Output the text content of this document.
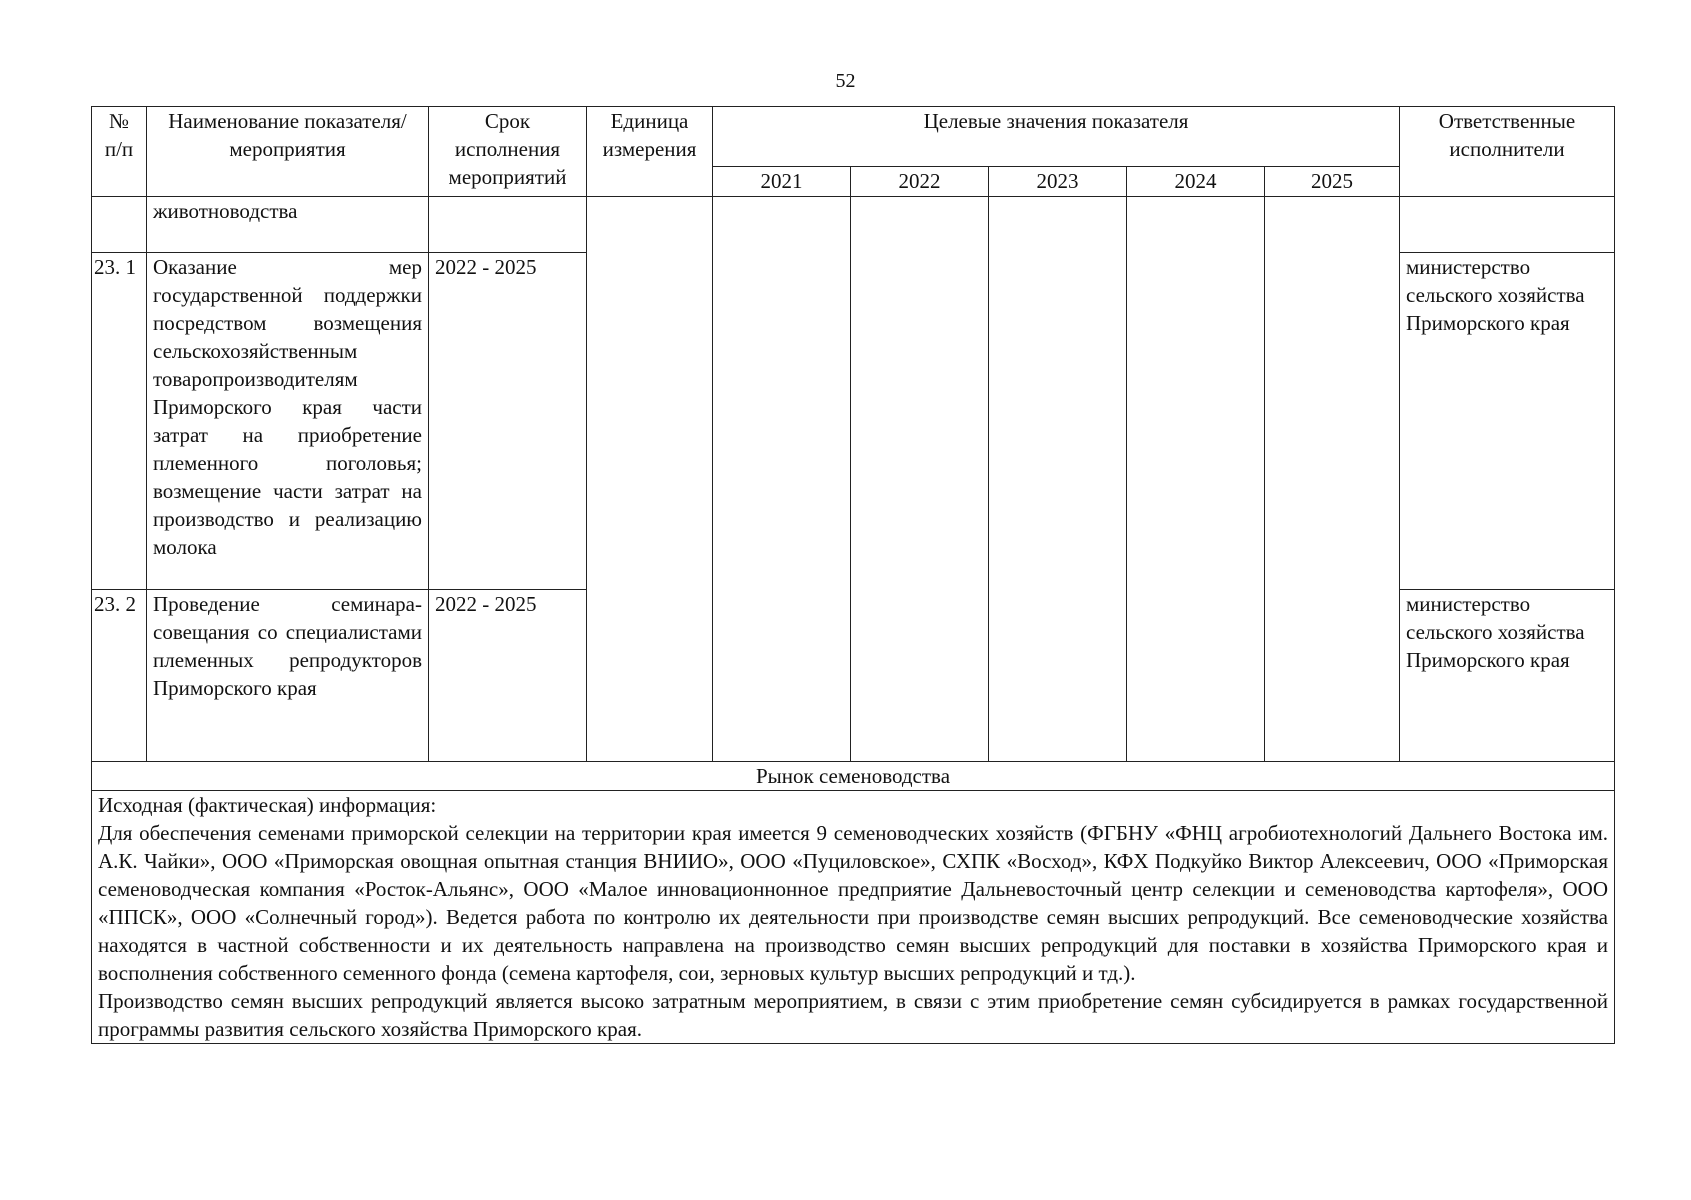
52
№ п/п	Наименование показателя/мероприятия	Срок исполнения мероприятий	Единица измерения	Целевые значения показателя					Ответственные исполнители
				2021	2022	2023	2024	2025	
	животноводства								
23. 1	Оказание мер государственной поддержки посредством возмещения сельскохозяйственным товаропроизводителям Приморского края части затрат на приобретение племенного поголовья; возмещение части затрат на производство и реализацию молока	2022 - 2025							министерство сельского хозяйства Приморского края
23. 2	Проведение семинара-совещания со специалистами племенных репродукторов Приморского края	2022 - 2025							министерство сельского хозяйства Приморского края
Рынок семеноводства									

Исходная (фактическая) информация:

Для обеспечения семенами приморской селекции на территории края имеется 9 семеноводческих хозяйств (ФГБНУ «ФНЦ агробиотехнологий Дальнего Востока им. А.К. Чайки», ООО «Приморская овощная опытная станция ВНИИО», ООО «Пуциловское», СХПК «Восход», КФХ Подкуйко Виктор Алексеевич, ООО «Приморская семеноводческая компания «Росток-Альянс», ООО «Малое инновационнонное предприятие Дальневосточный центр селекции и семеноводства картофеля», ООО «ППСК», ООО «Солнечный город»). Ведется работа по контролю их деятельности при производстве семян высших репродукций. Все семеноводческие хозяйства находятся в частной собственности и их деятельность направлена на производство семян высших репродукций для поставки в хозяйства Приморского края и восполнения собственного семенного фонда (семена картофеля, сои, зерновых культур высших репродукций и тд.).

Производство семян высших репродукций является высоко затратным мероприятием, в связи с этим приобретение семян субсидируется в рамках государственной программы развития сельского хозяйства Приморского края.									
